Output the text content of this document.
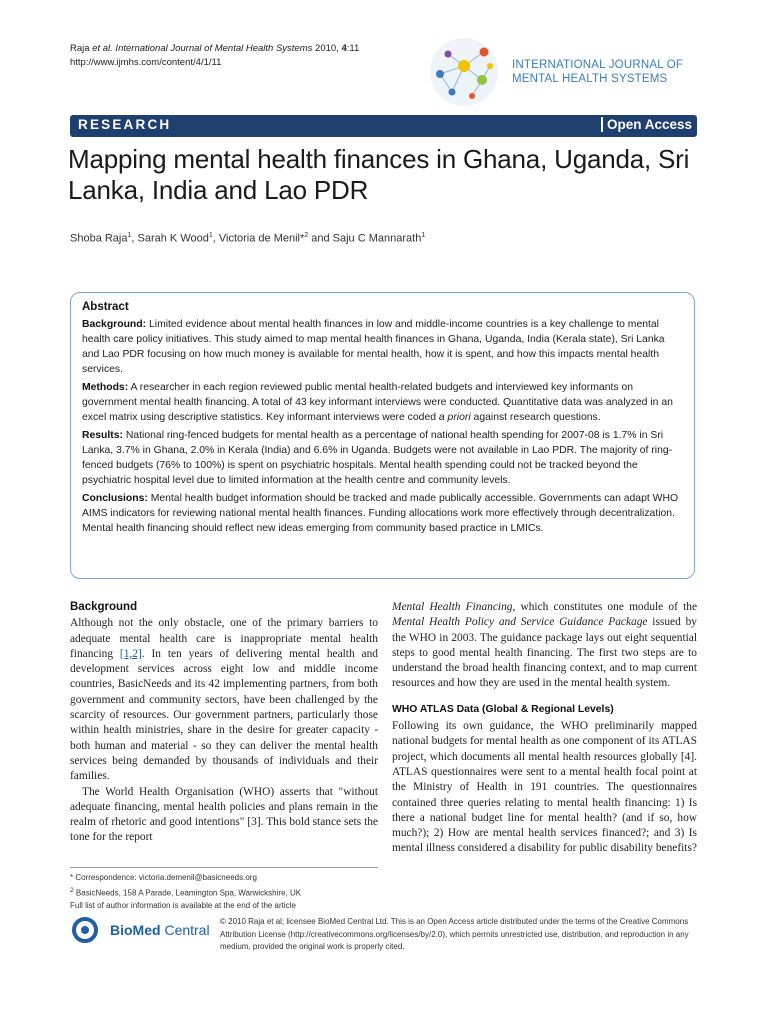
Raja et al. International Journal of Mental Health Systems 2010, 4:11
http://www.ijmhs.com/content/4/1/11	INTERNATIONAL JOURNAL OF
MENTAL HEALTH SYSTEMS
RESEARCH	Open Access
Mapping mental health finances in Ghana, Uganda, Sri Lanka, India and Lao PDR
Shoba Raja$^1$, Sarah K Wood$^1$, Victoria de Menil*$^2$ and Saju C Mannarath$^1$
Abstract

Background: Limited evidence about mental health finances in low and middle-income countries is a key challenge to mental health care policy initiatives. This study aimed to map mental health finances in Ghana, Uganda, India (Kerala state), Sri Lanka and Lao PDR focusing on how much money is available for mental health, how it is spent, and how this impacts mental health services.

Methods: A researcher in each region reviewed public mental health-related budgets and interviewed key informants on government mental health financing. A total of 43 key informant interviews were conducted. Quantitative data was analyzed in an excel matrix using descriptive statistics. Key informant interviews were coded a priori against research questions.

Results: National ring-fenced budgets for mental health as a percentage of national health spending for 2007-08 is 1.7% in Sri Lanka, 3.7% in Ghana, 2.0% in Kerala (India) and 6.6% in Uganda. Budgets were not available in Lao PDR. The majority of ring-fenced budgets (76% to 100%) is spent on psychiatric hospitals. Mental health spending could not be tracked beyond the psychiatric hospital level due to limited information at the health centre and community levels.

Conclusions: Mental health budget information should be tracked and made publically accessible. Governments can adapt WHO AIMS indicators for reviewing national mental health finances. Funding allocations work more effectively through decentralization. Mental health financing should reflect new ideas emerging from community based practice in LMICs.

Background

Although not the only obstacle, one of the primary barriers to adequate mental health care is inappropriate mental health financing [1,2]. In ten years of delivering mental health and development services across eight low and middle income countries, BasicNeeds and its 42 implementing partners, from both government and community sectors, have been challenged by the scarcity of resources. Our government partners, particularly those within health ministries, share in the desire for greater capacity - both human and material - so they can deliver the mental health services being demanded by thousands of individuals and their families.

The World Health Organisation (WHO) asserts that "without adequate financing, mental health policies and plans remain in the realm of rhetoric and good intentions" [3]. This bold stance sets the tone for the report

* Correspondence: victoria.demenil@basicneeds.org
$^2$ BasicNeeds, 158 A Parade, Leamington Spa, Warwickshire, UK
Full list of author information is available at the end of the article

Mental Health Financing, which constitutes one module of the Mental Health Policy and Service Guidance Package issued by the WHO in 2003. The guidance package lays out eight sequential steps to good mental health financing. The first two steps are to understand the broad health financing context, and to map current resources and how they are used in the mental health system.

WHO ATLAS Data (Global & Regional Levels)

Following its own guidance, the WHO preliminarily mapped national budgets for mental health as one component of its ATLAS project, which documents all mental health resources globally [4]. ATLAS questionnaires were sent to a mental health focal point at the Ministry of Health in 191 countries. The questionnaires contained three queries relating to mental health financing: 1) Is there a national budget line for mental health? (and if so, how much?); 2) How are mental health services financed?; and 3) Is mental illness considered a disability for public disability benefits?

BioMed Central
© 2010 Raja et al; licensee BioMed Central Ltd. This is an Open Access article distributed under the terms of the Creative Commons Attribution License (http://creativecommons.org/licenses/by/2.0), which permits unrestricted use, distribution, and reproduction in any medium, provided the original work is properly cited.
